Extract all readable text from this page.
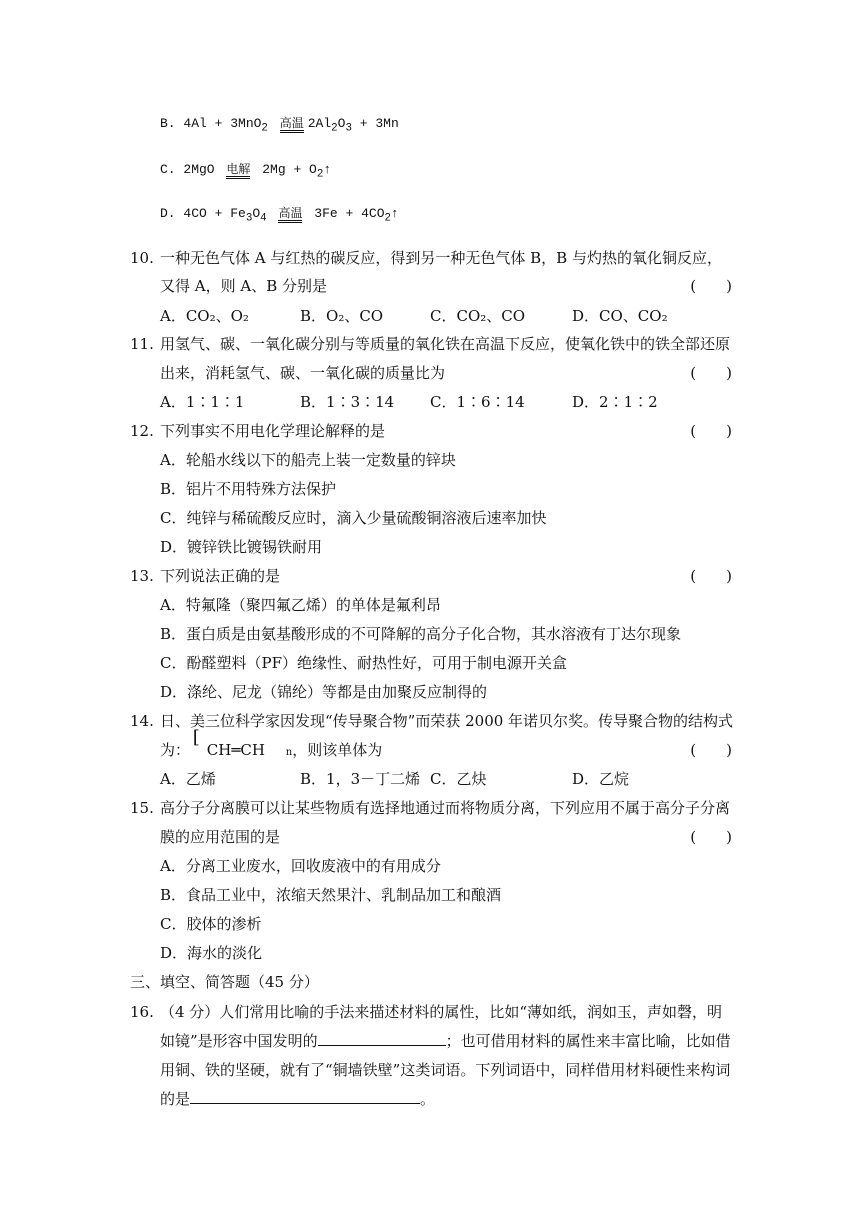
B. 4Al + 3MnO$_2$ 高温 $2Al_2O_3 + 3Mn$
C. 2MgO 电解 $2Mg + O_2↑$
D. $4CO + Fe_3O_4$ 高温 $3Fe + 4CO_2↑$
10. 一种无色气体 A 与红热的碳反应，得到另一种无色气体 B，B 与灼热的氧化铜反应，
又得 A，则 A、B 分别是	(　　)
A．CO₂、O₂	B．O₂、CO	C．CO₂、CO	D．CO、CO₂
11. 用氢气、碳、一氧化碳分别与等质量的氧化铁在高温下反应，使氧化铁中的铁全部还原
出来，消耗氢气、碳、一氧化碳的质量比为	(　　)
A．1∶1∶1	B．1∶3∶14 C．1∶6∶14	D．2∶1∶2
12. 下列事实不用电化学理论解释的是	(　　)
A．轮船水线以下的船壳上装一定数量的锌块
B．铝片不用特殊方法保护
C．纯锌与稀硫酸反应时，滴入少量硫酸铜溶液后速率加快
D．镀锌铁比镀锡铁耐用
13. 下列说法正确的是	(　　)
A．特氟隆（聚四氟乙烯）的单体是氟利昂
B．蛋白质是由氨基酸形成的不可降解的高分子化合物，其水溶液有丁达尔现象
C．酚醛塑料（PF）绝缘性、耐热性好，可用于制电源开关盒
D．涤纶、尼龙（锦纶）等都是由加聚反应制得的
14. 日、美三位科学家因发现“传导聚合物”而荣获 2000 年诺贝尔奖。传导聚合物的结构式
为：
[
CH═CH n，则该单体为	(　　)
A．乙烯	B．1，3－丁二烯 C．乙炔	D．乙烷
15. 高分子分离膜可以让某些物质有选择地通过而将物质分离，下列应用不属于高分子分离
膜的应用范围的是	(　　)
A．分离工业废水，回收废液中的有用成分
B．食品工业中，浓缩天然果汁、乳制品加工和酿酒
C．胶体的渗析
D．海水的淡化
三、填空、简答题（45 分）
16. （4 分）人们常用比喻的手法来描述材料的属性，比如“薄如纸，润如玉，声如磬，明
如镜”是形容中国发明的	；也可借用材料的属性来丰富比喻，比如借
用铜、铁的坚硬，就有了“铜墙铁壁”这类词语。下列词语中，同样借用材料硬性来构词
的是	。
